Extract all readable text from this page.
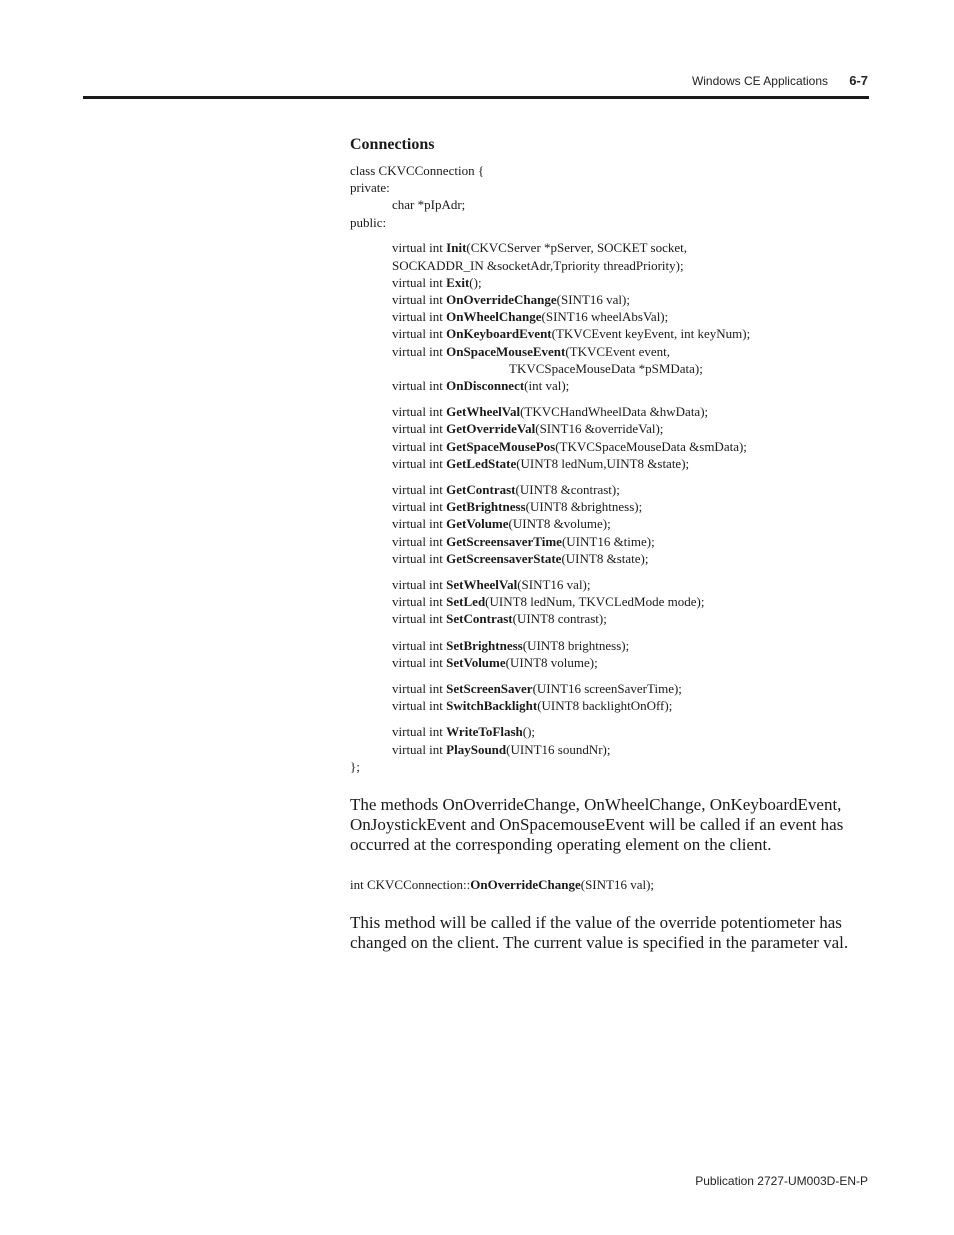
Windows CE Applications 6-7
Connections
class CKVCConnection {
private:
char *pIpAdr;
public:
virtual int Init(CKVCServer *pServer, SOCKET socket,
SOCKADDR_IN &socketAdr,Tpriority threadPriority);
virtual int Exit();
virtual int OnOverrideChange(SINT16 val);
virtual int OnWheelChange(SINT16 wheelAbsVal);
virtual int OnKeyboardEvent(TKVCEvent keyEvent, int keyNum);
virtual int OnSpaceMouseEvent(TKVCEvent event,
TKVCSpaceMouseData *pSMData);
virtual int OnDisconnect(int val);
virtual int GetWheelVal(TKVCHandWheelData &hwData);
virtual int GetOverrideVal(SINT16 &overrideVal);
virtual int GetSpaceMousePos(TKVCSpaceMouseData &smData);
virtual int GetLedState(UINT8 ledNum,UINT8 &state);
virtual int GetContrast(UINT8 &contrast);
virtual int GetBrightness(UINT8 &brightness);
virtual int GetVolume(UINT8 &volume);
virtual int GetScreensaverTime(UINT16 &time);
virtual int GetScreensaverState(UINT8 &state);
virtual int SetWheelVal(SINT16 val);
virtual int SetLed(UINT8 ledNum, TKVCLedMode mode);
virtual int SetContrast(UINT8 contrast);
virtual int SetBrightness(UINT8 brightness);
virtual int SetVolume(UINT8 volume);
virtual int SetScreenSaver(UINT16 screenSaverTime);
virtual int SwitchBacklight(UINT8 backlightOnOff);
virtual int WriteToFlash();
virtual int PlaySound(UINT16 soundNr);
};

The methods OnOverrideChange, OnWheelChange, OnKeyboardEvent, OnJoystickEvent and OnSpacemouseEvent will be called if an event has occurred at the corresponding operating element on the client.

int CKVCConnection::OnOverrideChange(SINT16 val);

This method will be called if the value of the override potentiometer has changed on the client. The current value is specified in the parameter val.

Publication 2727-UM003D-EN-P
